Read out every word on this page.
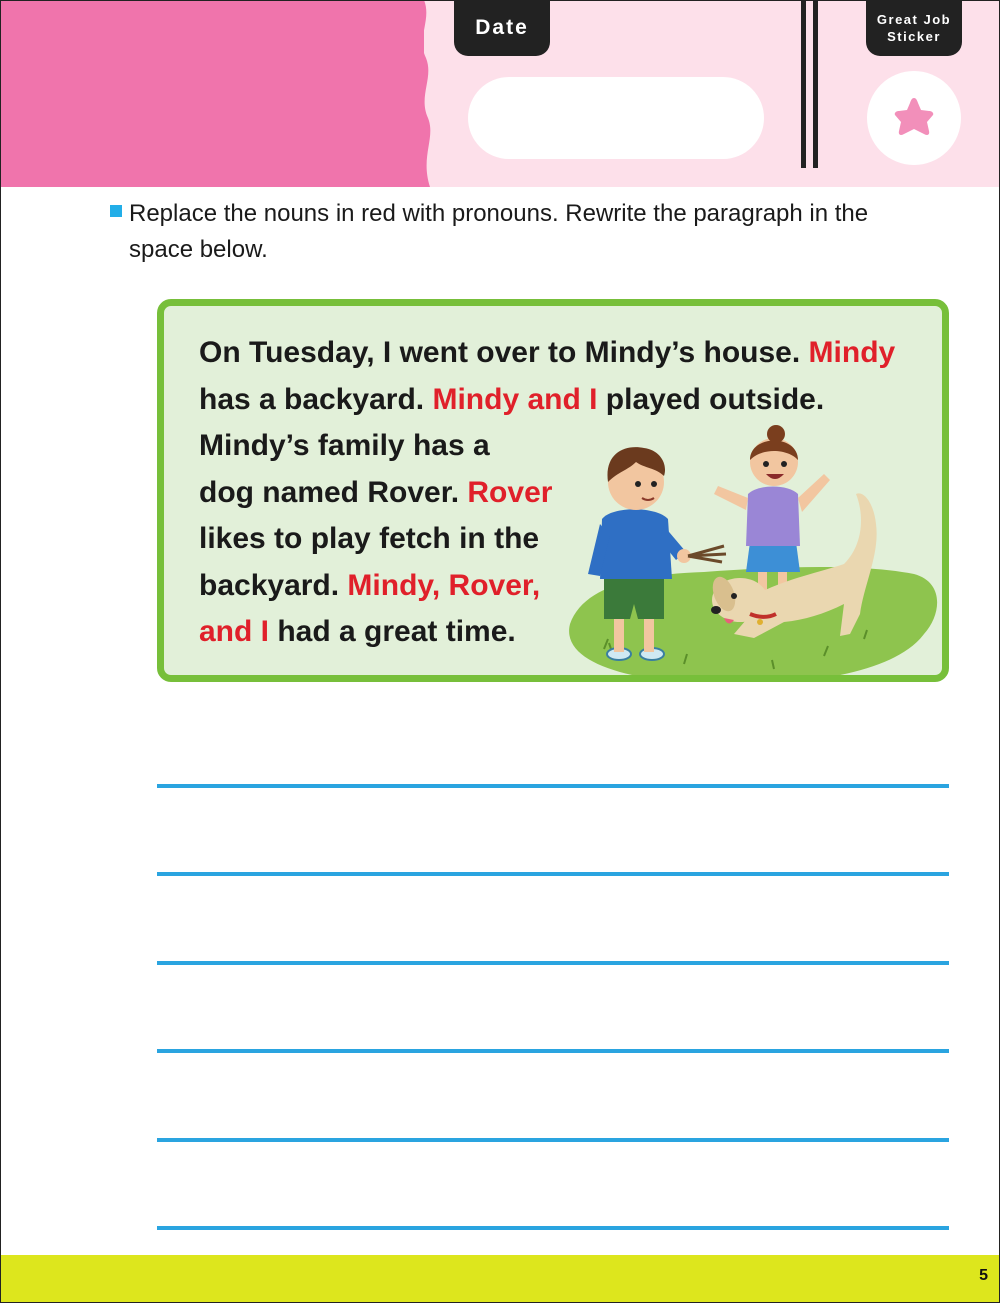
Date	Great Job
Sticker
Replace the nouns in red with pronouns. Rewrite the paragraph in the space below.
On Tuesday, I went over to Mindy’s house. Mindy
has a backyard. Mindy and I played outside.
Mindy’s family has a
dog named Rover. Rover
likes to play fetch in the
backyard. Mindy, Rover,
and I had a great time.
5
